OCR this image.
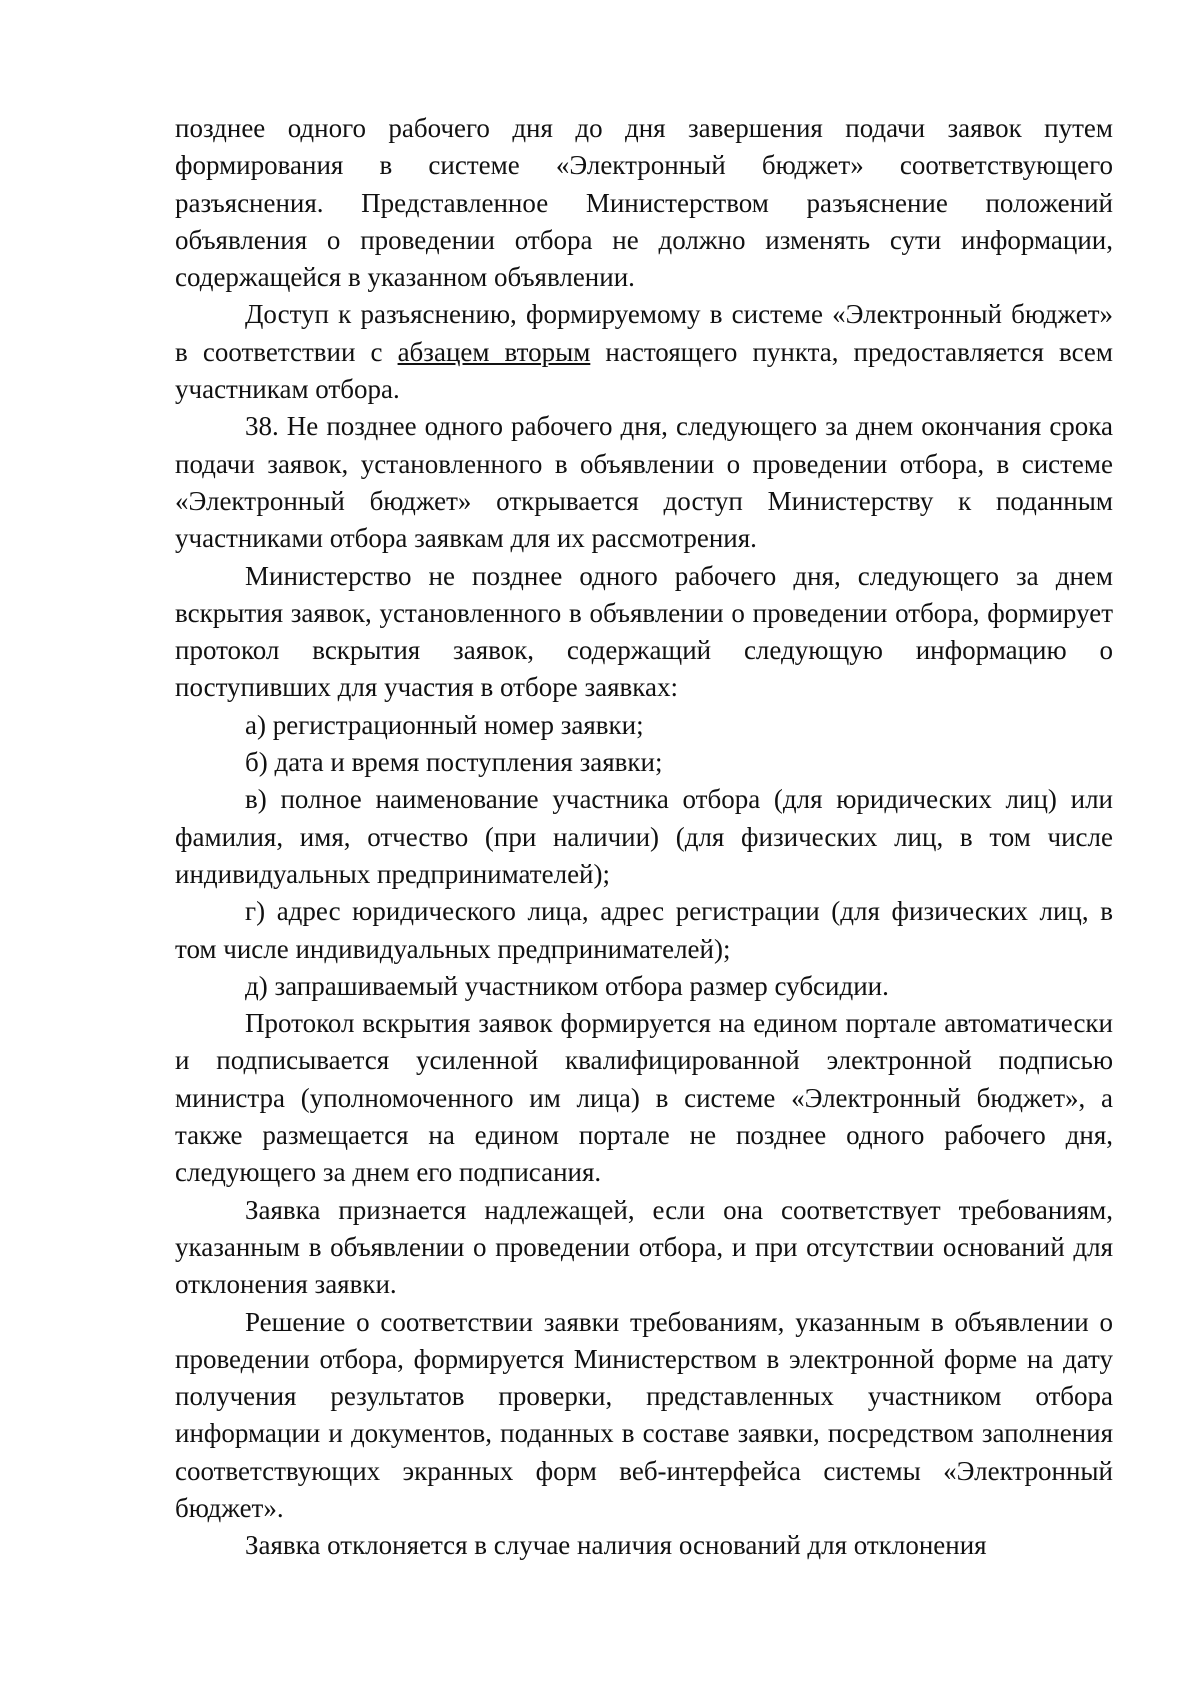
позднее одного рабочего дня до дня завершения подачи заявок путем формирования в системе «Электронный бюджет» соответствующего разъяснения. Представленное Министерством разъяснение положений объявления о проведении отбора не должно изменять сути информации, содержащейся в указанном объявлении.

Доступ к разъяснению, формируемому в системе «Электронный бюджет» в соответствии с абзацем вторым настоящего пункта, предоставляется всем участникам отбора.

38. Не позднее одного рабочего дня, следующего за днем окончания срока подачи заявок, установленного в объявлении о проведении отбора, в системе «Электронный бюджет» открывается доступ Министерству к поданным участниками отбора заявкам для их рассмотрения.

Министерство не позднее одного рабочего дня, следующего за днем вскрытия заявок, установленного в объявлении о проведении отбора, формирует протокол вскрытия заявок, содержащий следующую информацию о поступивших для участия в отборе заявках:

а) регистрационный номер заявки;

б) дата и время поступления заявки;

в) полное наименование участника отбора (для юридических лиц) или фамилия, имя, отчество (при наличии) (для физических лиц, в том числе индивидуальных предпринимателей);

г) адрес юридического лица, адрес регистрации (для физических лиц, в том числе индивидуальных предпринимателей);

д) запрашиваемый участником отбора размер субсидии.

Протокол вскрытия заявок формируется на едином портале автоматически и подписывается усиленной квалифицированной электронной подписью министра (уполномоченного им лица) в системе «Электронный бюджет», а также размещается на едином портале не позднее одного рабочего дня, следующего за днем его подписания.

Заявка признается надлежащей, если она соответствует требованиям, указанным в объявлении о проведении отбора, и при отсутствии оснований для отклонения заявки.

Решение о соответствии заявки требованиям, указанным в объявлении о проведении отбора, формируется Министерством в электронной форме на дату получения результатов проверки, представленных участником отбора информации и документов, поданных в составе заявки, посредством заполнения соответствующих экранных форм веб-интерфейса системы «Электронный бюджет».

Заявка отклоняется в случае наличия оснований для отклонения
